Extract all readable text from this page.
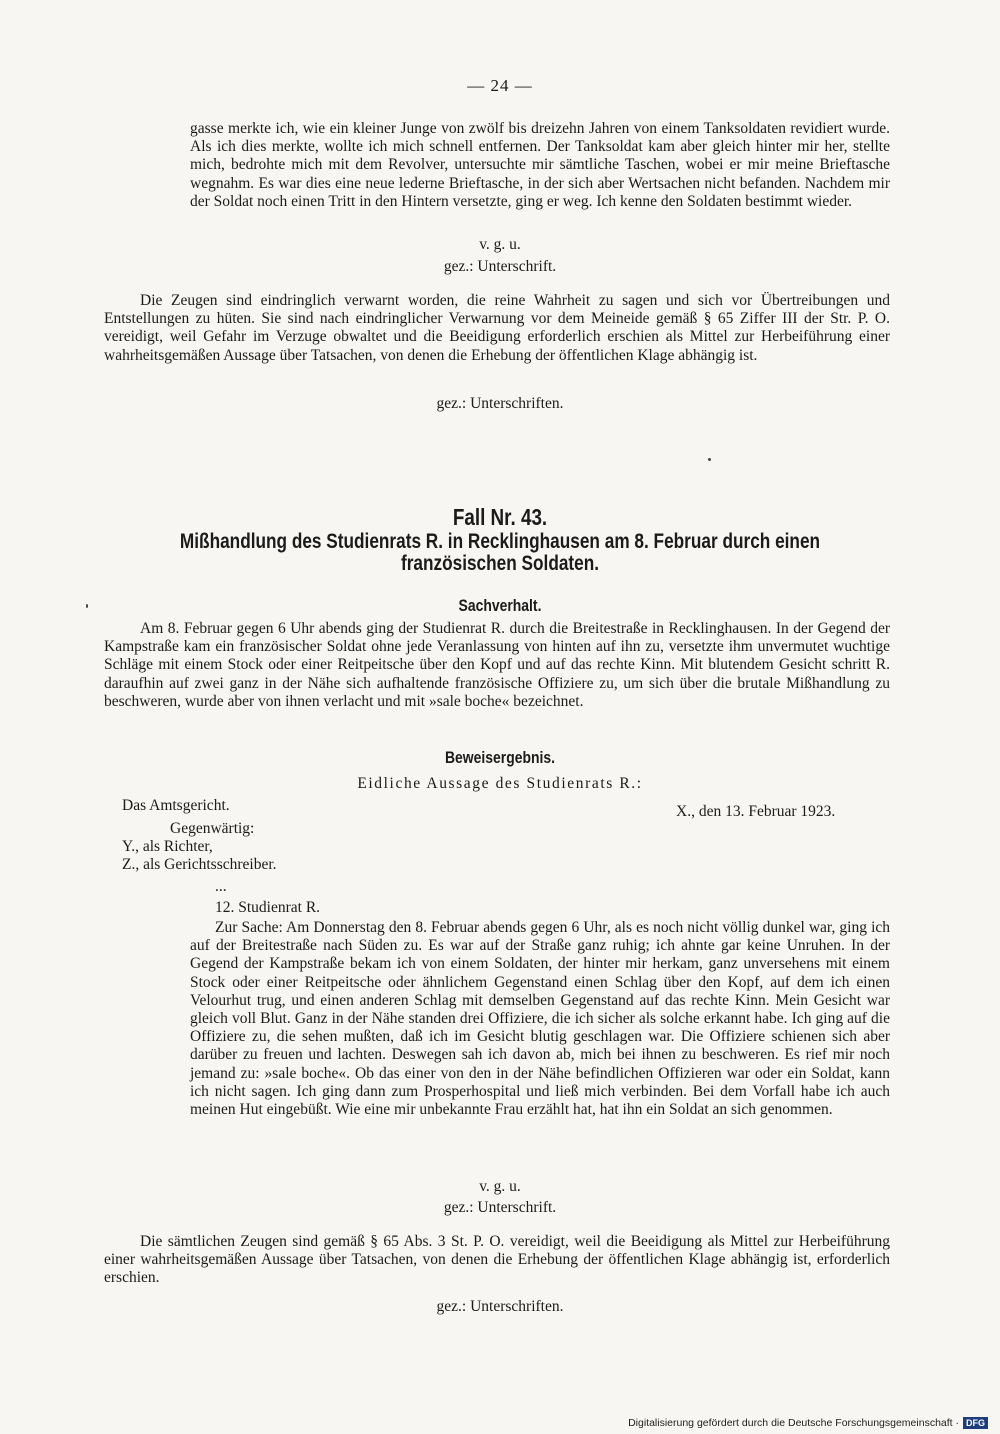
— 24 —

gasse merkte ich, wie ein kleiner Junge von zwölf bis dreizehn Jahren von einem Tanksoldaten revidiert wurde. Als ich dies merkte, wollte ich mich schnell entfernen. Der Tanksoldat kam aber gleich hinter mir her, stellte mich, bedrohte mich mit dem Revolver, untersuchte mir sämtliche Taschen, wobei er mir meine Brieftasche wegnahm. Es war dies eine neue lederne Brieftasche, in der sich aber Wertsachen nicht befanden. Nachdem mir der Soldat noch einen Tritt in den Hintern versetzte, ging er weg. Ich kenne den Soldaten bestimmt wieder.

v. g. u.
gez.: Unterschrift.

Die Zeugen sind eindringlich verwarnt worden, die reine Wahrheit zu sagen und sich vor Übertreibungen und Entstellungen zu hüten. Sie sind nach eindringlicher Verwarnung vor dem Meineide gemäß § 65 Ziffer III der Str. P. O. vereidigt, weil Gefahr im Verzuge obwaltet und die Beeidigung erforderlich erschien als Mittel zur Herbeiführung einer wahrheitsgemäßen Aussage über Tatsachen, von denen die Erhebung der öffentlichen Klage abhängig ist.

gez.: Unterschriften.
Fall Nr. 43.
Mißhandlung des Studienrats R. in Recklinghausen am 8. Februar durch einen
französischen Soldaten.
Sachverhalt.

Am 8. Februar gegen 6 Uhr abends ging der Studienrat R. durch die Breitestraße in Recklinghausen. In der Gegend der Kampstraße kam ein französischer Soldat ohne jede Veranlassung von hinten auf ihn zu, versetzte ihm unvermutet wuchtige Schläge mit einem Stock oder einer Reitpeitsche über den Kopf und auf das rechte Kinn. Mit blutendem Gesicht schritt R. daraufhin auf zwei ganz in der Nähe sich aufhaltende französische Offiziere zu, um sich über die brutale Mißhandlung zu beschweren, wurde aber von ihnen verlacht und mit »sale boche« bezeichnet.

Beweisergebnis.
Eidliche Aussage des Studienrats R.:
Das Amtsgericht.	X., den 13. Februar 1923.
Gegenwärtig:
Y., als Richter,
Z., als Gerichtsschreiber.
...
12. Studienrat R.

Zur Sache: Am Donnerstag den 8. Februar abends gegen 6 Uhr, als es noch nicht völlig dunkel war, ging ich auf der Breitestraße nach Süden zu. Es war auf der Straße ganz ruhig; ich ahnte gar keine Unruhen. In der Gegend der Kampstraße bekam ich von einem Soldaten, der hinter mir herkam, ganz unversehens mit einem Stock oder einer Reitpeitsche oder ähnlichem Gegenstand einen Schlag über den Kopf, auf dem ich einen Velourhut trug, und einen anderen Schlag mit demselben Gegenstand auf das rechte Kinn. Mein Gesicht war gleich voll Blut. Ganz in der Nähe standen drei Offiziere, die ich sicher als solche erkannt habe. Ich ging auf die Offiziere zu, die sehen mußten, daß ich im Gesicht blutig geschlagen war. Die Offiziere schienen sich aber darüber zu freuen und lachten. Deswegen sah ich davon ab, mich bei ihnen zu beschweren. Es rief mir noch jemand zu: »sale boche«. Ob das einer von den in der Nähe befindlichen Offizieren war oder ein Soldat, kann ich nicht sagen. Ich ging dann zum Prosperhospital und ließ mich verbinden. Bei dem Vorfall habe ich auch meinen Hut eingebüßt. Wie eine mir unbekannte Frau erzählt hat, hat ihn ein Soldat an sich genommen.

v. g. u.
gez.: Unterschrift.

Die sämtlichen Zeugen sind gemäß § 65 Abs. 3 St. P. O. vereidigt, weil die Beeidigung als Mittel zur Herbeiführung einer wahrheitsgemäßen Aussage über Tatsachen, von denen die Erhebung der öffentlichen Klage abhängig ist, erforderlich erschien.

gez.: Unterschriften.
Digitalisierung gefördert durch die Deutsche Forschungsgemeinschaft · DFG
